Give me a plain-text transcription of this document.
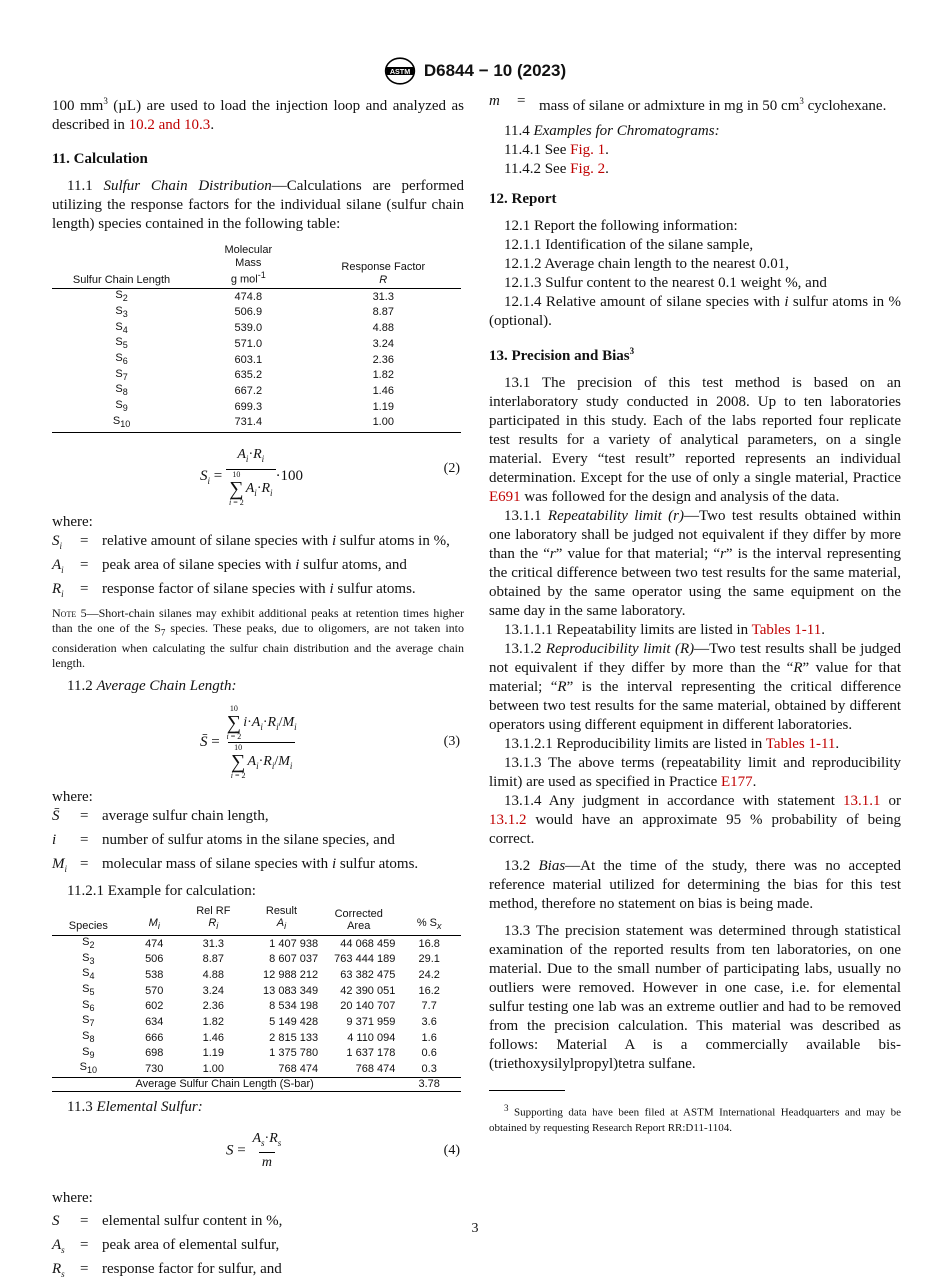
ASTM D6844 − 10 (2023)

100 $mm^3$ (µL) are used to load the injection loop and analyzed as described in 10.2 and 10.3.

11. Calculation

11.1 Sulfur Chain Distribution—Calculations are performed utilizing the response factors for the individual silane (sulfur chain length) species contained in the following table:

Sulfur Chain Length	Molecular
Mass
g mol$^{-1}$	Response Factor
R
$S_2$	474.8	31.3
$S_3$	506.9	8.87
$S_4$	539.0	4.88
$S_5$	571.0	3.24
$S_6$	603.1	2.36
$S_7$	635.2	1.82
$S_8$	667.2	1.46
$S_9$	699.3	1.19
$S_{10}$	731.4	1.00
$S_i = A_i\cdot R_i$
10
∑
i = 2
$A_i\cdot R_i \cdot 100$	(2)

where:

$S_i$	= relative amount of silane species with i sulfur atoms in %,
$A_i$	= peak area of silane species with i sulfur atoms, and
$R_i$	= response factor of silane species with i sulfur atoms.

Note 5—Short-chain silanes may exhibit additional peaks at retention times higher than the one of the $S_7$ species. These peaks, due to oligomers, are not taken into consideration when calculating the sulfur chain distribution and the average chain length.

11.2 Average Chain Length:

S̄ = 10
∑
i = 2
$i\cdot A_i\cdot R_i/M_i$
10
∑
i = 2
$A_i\cdot R_i/M_i$	(3)

where:

S̄	= average sulfur chain length,
i	= number of sulfur atoms in the silane species, and
$M_i$ = molecular mass of silane species with i sulfur atoms.

11.2.1 Example for calculation:

Species	$M_i$	Rel RF
$R_i$	Result
$A_i$	Corrected Area	% $S_x$
$S_2$	474	31.3	1 407 938	44 068 459	16.8
$S_3$	506	8.87	8 607 037	763 444 189	29.1
$S_4$	538	4.88	12 988 212	63 382 475	24.2
$S_5$	570	3.24	13 083 349	42 390 051	16.2
$S_6$	602	2.36	8 534 198	20 140 707	7.7
$S_7$	634	1.82	5 149 428	9 371 959	3.6
$S_8$	666	1.46	2 815 133	4 110 094	1.6
$S_9$	698	1.19	1 375 780	1 637 178	0.6
$S_{10}$	730	1.00	768 474	768 474	0.3
Average Sulfur Chain Length (S-bar)					3.78

11.3 Elemental Sulfur:

$S = \frac{A_s\cdot R_s}{m}$	(4)

where:

S	= elemental sulfur content in %,
$A_s$	= peak area of elemental sulfur,
$R_s$	= response factor for sulfur, and
m	= mass of silane or admixture in mg in 50 $cm^3$ cyclohexane.

11.4 Examples for Chromatograms:

11.4.1 See Fig. 1.

11.4.2 See Fig. 2.

12. Report

12.1 Report the following information:

12.1.1 Identification of the silane sample,

12.1.2 Average chain length to the nearest 0.01,

12.1.3 Sulfur content to the nearest 0.1 weight %, and

12.1.4 Relative amount of silane species with i sulfur atoms in % (optional).

13. Precision and Bias$^3$

13.1 The precision of this test method is based on an interlaboratory study conducted in 2008. Up to ten laboratories participated in this study. Each of the labs reported four replicate test results for a variety of analytical parameters, on a single material. Every “test result” reported represents an individual determination. Except for the use of only a single material, Practice E691 was followed for the design and analysis of the data.

13.1.1 Repeatability limit (r)—Two test results obtained within one laboratory shall be judged not equivalent if they differ by more than the “r” value for that material; “r” is the interval representing the critical difference between two test results for the same material, obtained by the same operator using the same equipment on the same day in the same laboratory.

13.1.1.1 Repeatability limits are listed in Tables 1-11.

13.1.2 Reproducibility limit (R)—Two test results shall be judged not equivalent if they differ by more than the “R” value for that material; “R” is the interval representing the critical difference between two test results for the same material, obtained by different operators using different equipment in different laboratories.

13.1.2.1 Reproducibility limits are listed in Tables 1-11.

13.1.3 The above terms (repeatability limit and reproducibility limit) are used as specified in Practice E177.

13.1.4 Any judgment in accordance with statement 13.1.1 or 13.1.2 would have an approximate 95 % probability of being correct.

13.2 Bias—At the time of the study, there was no accepted reference material utilized for determining the bias for this test method, therefore no statement on bias is being made.

13.3 The precision statement was determined through statistical examination of the reported results from ten laboratories, on one material. Due to the small number of participating labs, usually no outliers were removed. However in one case, i.e. for elemental sulfur testing one lab was an extreme outlier and had to be removed from the precision calculation. This material was described as follows: Material A is a commercially available bis-(triethoxysilylpropyl)tetra sulfane.

$^3$ Supporting data have been filed at ASTM International Headquarters and may be obtained by requesting Research Report RR:D11-1104.

3
